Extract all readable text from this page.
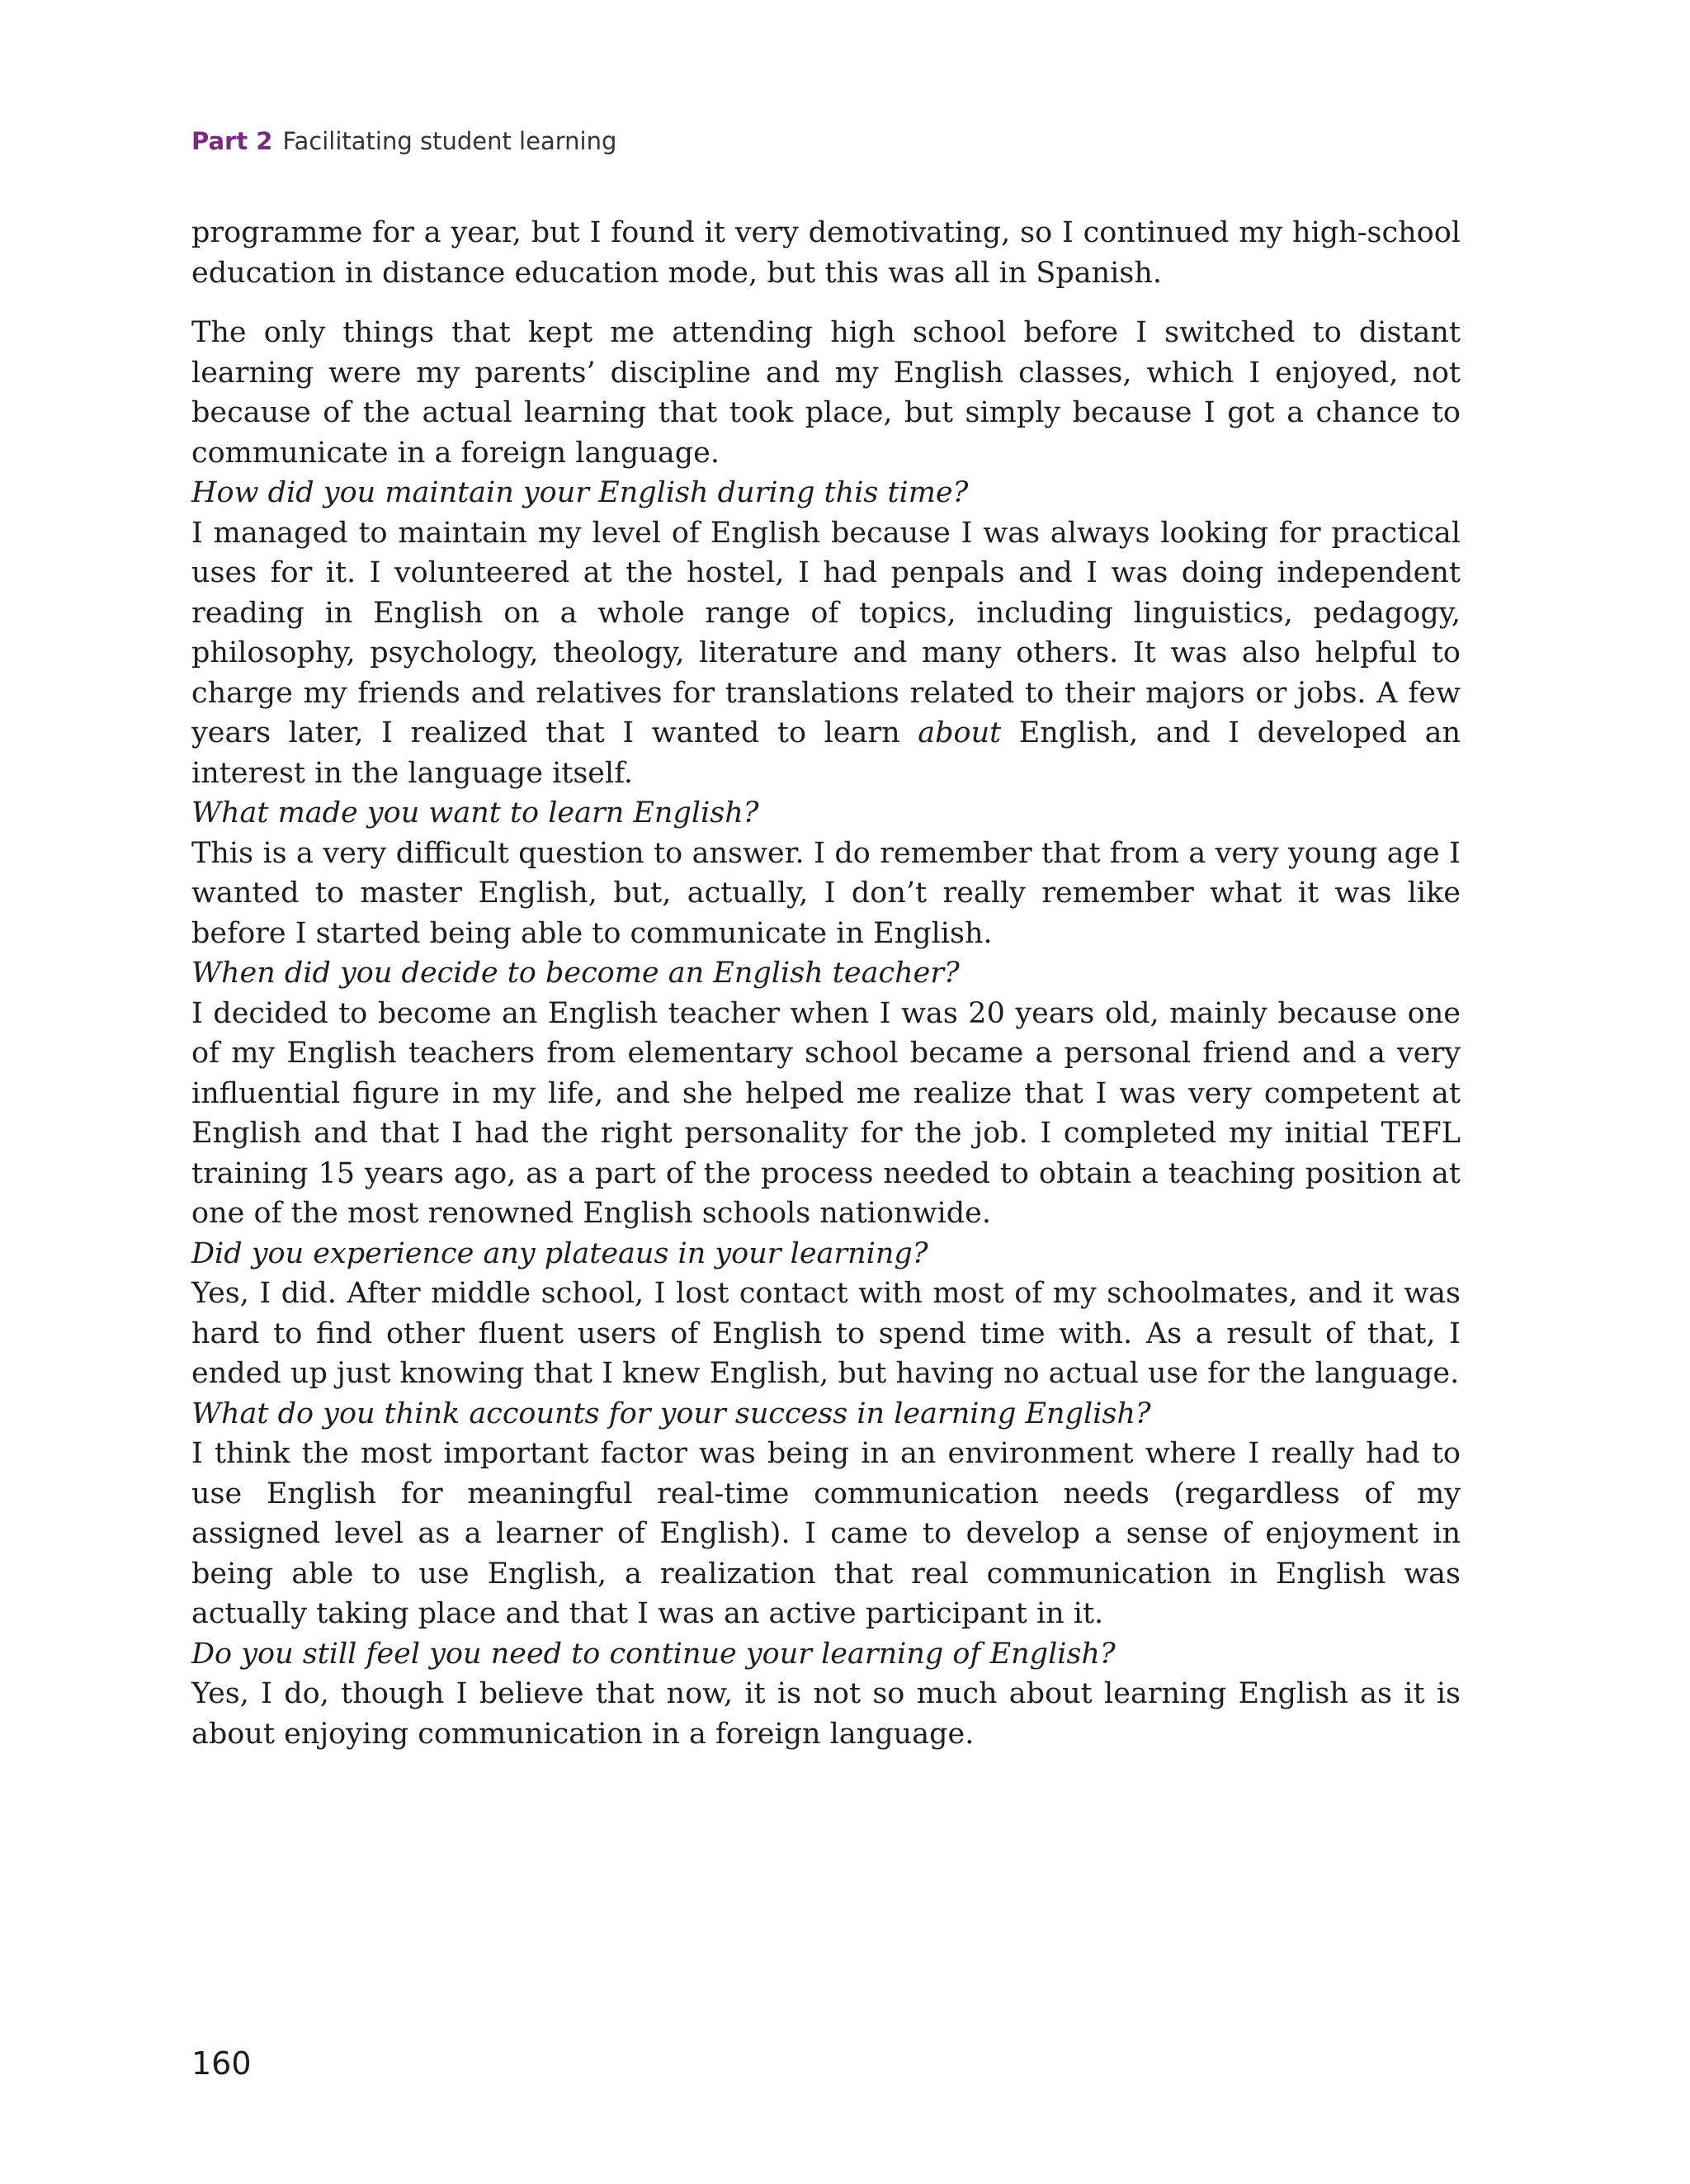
Part 2 Facilitating student learning

programme for a year, but I found it very demotivating, so I continued my high-school education in distance education mode, but this was all in Spanish.

The only things that kept me attending high school before I switched to distant learning were my parents’ discipline and my English classes, which I enjoyed, not because of the actual learning that took place, but simply because I got a chance to communicate in a foreign language.

How did you maintain your English during this time?

I managed to maintain my level of English because I was always looking for practical uses for it. I volunteered at the hostel, I had penpals and I was doing independent reading in English on a whole range of topics, including linguistics, pedagogy, philosophy, psychology, theology, literature and many others. It was also helpful to charge my friends and relatives for translations related to their majors or jobs. A few years later, I realized that I wanted to learn about English, and I developed an interest in the language itself.

What made you want to learn English?

This is a very difficult question to answer. I do remember that from a very young age I wanted to master English, but, actually, I don’t really remember what it was like before I started being able to communicate in English.

When did you decide to become an English teacher?

I decided to become an English teacher when I was 20 years old, mainly because one of my English teachers from elementary school became a personal friend and a very influential figure in my life, and she helped me realize that I was very competent at English and that I had the right personality for the job. I completed my initial TEFL training 15 years ago, as a part of the process needed to obtain a teaching position at one of the most renowned English schools nationwide.

Did you experience any plateaus in your learning?

Yes, I did. After middle school, I lost contact with most of my schoolmates, and it was hard to find other fluent users of English to spend time with. As a result of that, I ended up just knowing that I knew English, but having no actual use for the language.

What do you think accounts for your success in learning English?

I think the most important factor was being in an environment where I really had to use English for meaningful real-time communication needs (regardless of my assigned level as a learner of English). I came to develop a sense of enjoyment in being able to use English, a realization that real communication in English was actually taking place and that I was an active participant in it.

Do you still feel you need to continue your learning of English?

Yes, I do, though I believe that now, it is not so much about learning English as it is about enjoying communication in a foreign language.

160
